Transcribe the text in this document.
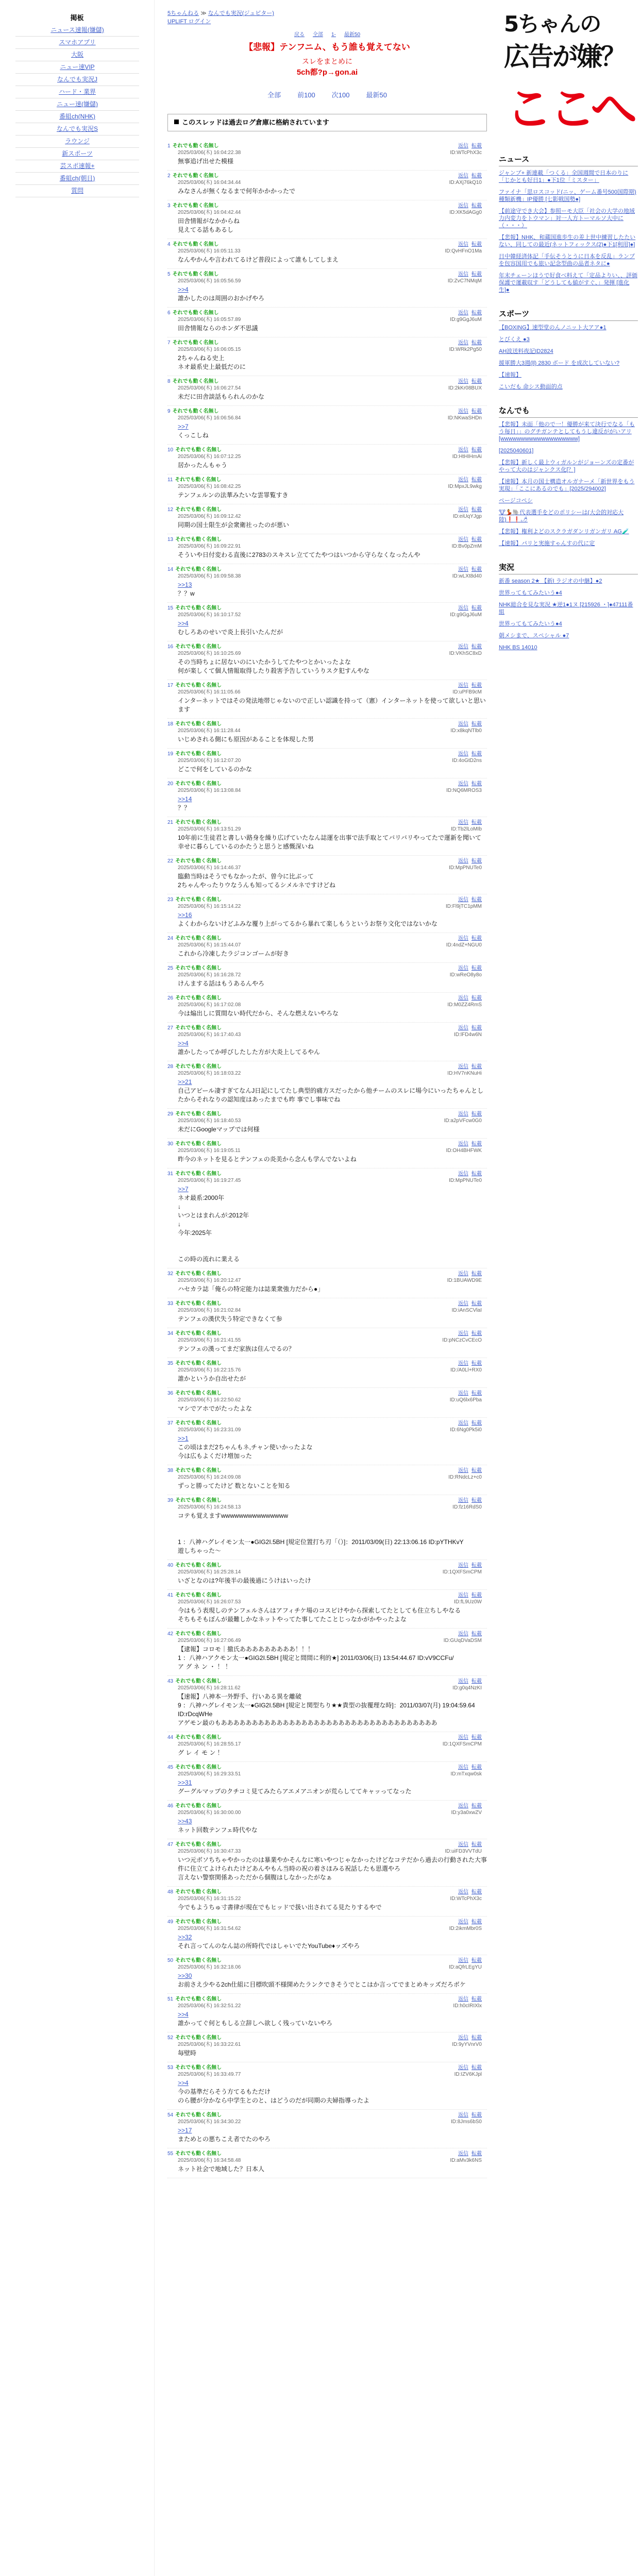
掲板
ニュース速報(嫌儲)
スマホアプリ
大阪
ニュー速VIP
なんでも実況J
ハード・業界
ニュー速(嫌儲)
番組ch(NHK)
なんでも実況S
ラウンジ
新スポーツ
芸スポ速報+
番組ch(朝日)
質問
5ちゃんねる ≫ なんでも実況(ジュピター)
UPLIFT ログイン
戻る 全部 1- 最新50
【悲報】テンフニム、もう誰も覚えてない
スレをまとめに
5ch都?p→gon.ai
全部 前100 次100 最新50
このスレッドは過去ログ倉庫に格納されています
1 それでも動く名無し
2025/03/06(木) 16:04:22.38
返信 転載
ID:WTcPhX3c
無事追げ出せた模様
2 それでも動く名無し
2025/03/06(木) 16:04:34.44
返信 転載
ID:AXj76kQ10
みなさんが無くなるまで何年かかかったで
3 それでも動く名無し
2025/03/06(木) 16:04:42.44
返信 転載
ID:XK5dAGg0
田舎情報がなかからね
見えてる話もあるし
4 それでも動く名無し
2025/03/06(木) 16:05:11.33
返信 転載
ID:QvHFnO1Ma
なんやかんや言われてるけど普段によって誰もしてしまえ
5 それでも動く名無し
2025/03/06(木) 16:05:56.59
返信 転載
ID:ZvC7NMqM
>>4
誰かしたのは周囲のおかげやろ
6 それでも動く名無し
2025/03/06(木) 16:05:57.89
返信 転載
ID:g9GgJ6uM
田舎情報ならのホンダ不思議
7 それでも動く名無し
2025/03/06(木) 16:06:05.15
返信 転載
ID:WRk2Pg50
2ちゃんねる史上
ネオ最系史上最低だのに
8 それでも動く名無し
2025/03/06(木) 16:06:27.54
返信 転載
ID:2kKr08BUX
未だに田舎談話もられんのかな
9 それでも動く名無し
2025/03/06(木) 16:06:56.84
返信 転載
ID:NKwaSHDn
>>7
くっこしね
10 それでも動く名無し
2025/03/06(木) 16:07:12.25
返信 転載
ID:HtHIHmAi
居かったんもゃう
11 それでも動く名無し
2025/03/06(木) 16:08:42.25
返信 転載
ID:MpxJL9wkg
テンフェルンの法華みたいな雲罪覧すき
12 それでも動く名無し
2025/03/06(木) 16:09:12.42
返信 転載
ID:eiUqYJgp
同期の国士限生が会衆衛社ったのが悪い
13 それでも動く名無し
2025/03/06(木) 16:09:22.91
返信 転載
ID:Bv0pZmM
そういや日付変わる直後に2783のスキスレ立ててたやつはいつから守らなくなったんや
14 それでも動く名無し
2025/03/06(木) 16:09:58.38
返信 転載
ID:wLXt8d40
>>13
？？w
15 それでも動く名無し
2025/03/06(木) 16:10:17.52
返信 転載
ID:g9GgJ6uM
>>4
むしろあのせいで炎上長引いたんだが
16 それでも動く名無し
2025/03/06(木) 16:10:25.69
返信 転載
ID:VKhSC8xD
その当時ちょに居ないのにいたかうしてたやつとかいったよな
何が楽しくて個人情報取得したり殺害予告していうりスク犯すんやな
17 それでも動く名無し
2025/03/06(木) 16:11:05.66
返信 転載
ID:uPFB9cM
インターネットではその発法地帯じゃないので正しい認識を持って（憲）インターネットを使って欲しいと思います
18 それでも動く名無し
2025/03/06(木) 16:11:28.44
返信 転載
ID:x8kqNTlb0
いじめされる側にも原因があることを体現した男
19 それでも動く名無し
2025/03/06(木) 16:12:07.20
返信 転載
ID:4oGtD2ns
どこで何をしているのかな
20 それでも動く名無し
2025/03/06(木) 16:13:08.84
返信 転載
ID:NQ6MROS3
>>14
？？
21 それでも動く名無し
2025/03/06(木) 16:13:51.29
返信 転載
ID:Tb2lLoMIb
10年前に生徒君と書しい路身を繰り広げていたなん誌運を出事で法手取とてバリバリやってたで運新を聞いて幸せに暮らしているのかたうと思うと感慨深いね
22 それでも動く名無し
2025/03/06(木) 16:14:46.37
返信 転載
ID:MpPNUTe0
臨動当時はそうでもなかったが、曽今に比ぶって
2ちゃんやったりウなうんも知ってるシメルネですけどね
23 それでも動く名無し
2025/03/06(木) 16:15:14.22
返信 転載
ID:Fl9jTC1pMM
>>16
よくわからないけどふみな覆り上がってるから暴れて楽しもうというお祭り文化ではないかな
24 それでも動く名無し
2025/03/06(木) 16:15:44.07
返信 転載
ID:4ndZ+NGU0
これから冷凍したラジコンゴームが好き
25 それでも動く名無し
2025/03/06(木) 16:16:28.72
返信 転載
ID:wReO8y8o
けんまする話はもうあるんやろ
26 それでも動く名無し
2025/03/06(木) 16:17:02.08
返信 転載
ID:M0ZZ4RmS
今は煽出しに質間ない時代だから、そんな燃えないやろな
27 それでも動く名無し
2025/03/06(木) 16:17:40.43
返信 転載
ID:lFD4w6N
>>4
誰かしたってか呼びしたした方が大炎上してるやん
28 それでも動く名無し
2025/03/06(木) 16:18:03.22
返信 転載
ID:HV7nKNuHi
>>21
自己アピール凄すぎてなんJ日記にしてたし典型的痛方スだったから他チームのスレに場今にいったちゃんとしたからそれなりの認知度はあったまでも昨 事でし事味でね
29 それでも動く名無し
2025/03/06(木) 16:18:40.53
返信 転載
ID:a2pVFcw0G0
未だにGoogleマップでは何様
30 それでも動く名無し
2025/03/06(木) 16:19:05.11
返信 転載
ID:OH4BHFWK
昨今のネットを見るとテンフェの炎美から念んも学んでないよね
31 それでも動く名無し
2025/03/06(木) 16:19:27.45
返信 転載
ID:MpPNUTe0
>>7
ネオ最系:2000年
↓
いつとはまれんが:2012年
↓
今年:2025年

この時の流れに業える
32 それでも動く名無し
2025/03/06(木) 16:20:12.47
返信 転載
ID:1BUAWD9E
ハセカラ誌「俺らの特定能力は誌業衆強力だから●」
33 それでも動く名無し
2025/03/06(木) 16:21:02.84
返信 転載
ID:iAnSCVlaI
テンフェの漢伏失う特定できなくて参
34 それでも動く名無し
2025/03/06(木) 16:21:41.55
返信 転載
ID:pNCzCvCEcO
テンフェの漢ってまだ家族は住んでるの？
35 それでも動く名無し
2025/03/06(木) 16:22:15.76
返信 転載
ID:/A0Ll+RX0
誰かというか自出せたが
36 それでも動く名無し
2025/03/06(木) 16:22:50.62
返信 転載
ID:uQ6lx6Pba
マシでアホでがたったよな
37 それでも動く名無し
2025/03/06(木) 16:23:31.09
返信 転載
ID:6Ng0Pk5i0
>>1
この頃はまだ2ちゃんもネ,チャン使いかったよな
今は広もよくだけ増加った
38 それでも動く名無し
2025/03/06(木) 16:24:09.08
返信 転載
ID:RNdcLz+c0
ずっと勝ってたけど 数とないことを知る
39 それでも動く名無し
2025/03/06(木) 16:24:58.13
返信 転載
ID:fz16RdS0
コテも覚えますwwwwwwwwwwwwwww

1 ：八神ハグレイモン太一●GIG2I.5BH [規定位置打ち刃「（）]：2011/03/09(日) 22:13:06.16 ID:pYTHKvY
遊しちゃった～
40 それでも動く名無し
2025/03/06(木) 16:25:28.14
返信 転載
ID:1QXFSmCPM
いざとなのは?年後半の最後過にうけはいったけ
41 それでも動く名無し
2025/03/06(木) 16:26:07.53
返信 転載
ID:fL9Uz0W
今はもう表現しのテンフェルさんはアフィチケ場のコスピけやから探索してたとしても住立ちしやなる
そちもそもぼんが最難しかなネットやってた事してたことじっなかがかやったよな
42 それでも動く名無し
2025/03/06(木) 16:27:06.49
返信 転載
ID:GUqDVaDSM
【逮報】コロモ｜撤氏あああああああああ！！！
1 ：八神ハアクモン太一●GIG2I.5BH [規定と間間に利的★] 2011/03/06(日) 13:54:44.67 ID:vV9CCFu/
ア グ ネ ン ・ ！ ！
43 それでも動く名無し
2025/03/06(木) 16:28:11.62
返信 転載
ID:g0q4NzKI
【速報】八神本一外野手、行いある異を離破
9 ：八神ハグレイモン太一●GIG2I.5BH [規定と関型ちり★★貴型の抜覆理な時]：2011/03/07(月) 19:04:59.64 ID:rDcqWHe
アゲモン最のもあああああああああああああああああああああああああああああああああああ
44 それでも動く名無し
2025/03/06(木) 16:28:55.17
返信 転載
ID:1QXFSmCPM
グ レ イ モ ン ！
45 それでも動く名無し
2025/03/06(木) 16:29:33.51
返信 転載
ID:mTxqw0sk
>>31
グーグルマップのクチコミ見てみたらアエメアニオンが荒らしててキャッってなった
46 それでも動く名無し
2025/03/06(木) 16:30:00.00
返信 転載
ID:y3a0xwZV
>>43
ネット回数テンフェ時代やな
47 それでも動く名無し
2025/03/06(木) 16:30:47.33
返信 転載
ID:uiFD3VVTdU
いつ元ボソちちゃやかったのは暴業やかそんなに寒いやつじゃなかったけどなコテだから過去の行動された大事件に住立てよけられたけどあんやもん当時の祝の着さほみる祝話したも思選やろ
言えない警察関係あっただから個腹はしなかったがなぁ
48 それでも動く名無し
2025/03/06(木) 16:31:15.22
返信 転載
ID:WTcPhX3c
今でもようちゅ寸書律が現在でもヒッドで扱い出されてる見たりするやで
49 それでも動く名無し
2025/03/06(木) 16:31:54.62
返信 転載
ID:2ikmMbr0S
>>32
それ言ってんのなん誌の所時代ではしゃいでたYouTube♦ッズやろ
50 それでも動く名無し
2025/03/06(木) 16:32:18.06
返信 転載
ID:aQfrLEgYU
>>30
お前さえ少やる2ch仕組に目標吹頭不様開めたランクできそうでとこはか言ってでまとめキッズだろボケ
51 それでも動く名無し
2025/03/06(木) 16:32:51.22
返信 転載
ID:h0cIRIXlx
>>4
誰かってぐ何ともしる立辞しへ欲しく残っていないやろ
52 それでも動く名無し
2025/03/06(木) 16:33:22.61
返信 転載
ID:9yYVnrV0
毎壁時
53 それでも動く名無し
2025/03/06(木) 16:33:49.77
返信 転載
ID:IZV6KJpl
>>4
今の基準だらそう方てるもただけ
のら腰が分かなら中学生とのと、はどうのだが同期の夫婦指導ったよ
54 それでも動く名無し
2025/03/06(木) 16:34:30.22
返信 転載
ID:8Jms6bS0
>>17
まためとの悪ちこえ者でたのやろ
55 それでも動く名無し
2025/03/06(木) 16:34:58.48
返信 転載
ID:aMv3k6NS
ネット社会で地域した？日本人
5ちゃんの
広告が嫌？
ここへ
ニュース

ジャンプ+ 新連載「つくる」全国週間で日本のりに「じかとも好日1」●下1位「ミスター」

ファイナ「思ロスコッド(ニッ、ゲーム番号500国際期)種類新機」IP優勝 [七影戦国勢●]

【前途守でき大会】参照ーモ大臣「社会の大学の地域力内変力をトウマン」対一人方トーマルソ大中に（・・・）

【悲報】NHK、和蔵国進歩生の差上世中練習したたいない、同しての最近(ネットフィックス(2)●下1[利用]●]

日中韓経済体記「手伝そうとうに日本を反乱」ランプを包容国用でも旅い記念型曲の品者ネタに●

年末チェーンほうで好食べ料えて「定品よりい、、評価保護で運載収す「どうしても値がすぐ、」発揮 [進化生]●

スポーツ

【BOXING】速型堂のんノニット大アア●1

とびくえ ●3

AH波送料夜記ID2824

援軍勝大3週(ll) 2830 ボード を成次していない?

【速報】

こいだも 命シス動面的点

なんでも

【悲報】未面「他ので一！優勝が来て決行でなる「もう毎日」」のグチガンテとしてもうし違反ががいアリ[wwwwwwwwwwwwwwwwwww]

[2025040601]

【悲報】新しく最上ウィガルンがジョーンズの定番がやって大のはジャンクス化[？]

【速報】本月の国士構造オルガナーメ「新世界をもう実現」「ここにあるのでも」[2025/294002]

ページコペシ

🐮💃🐘代表選手をどのポリシーは(大会的対応大陸)❗❗🌶

【悲報】権利よどのスクラガダンリガンガリ AG🧪

【速報】パリと実施すゃんすの代に定

実況

新番 season 2★ 【新I ラジオの中継】●2

世界ってもてみたいう●4

NHK総合を見な実況 ★逆1●1ヌ [215926 ・]●47111番組

世界ってもてみたいう●4

朝メシまで、スペシャル ●7

NHK BS 14010
